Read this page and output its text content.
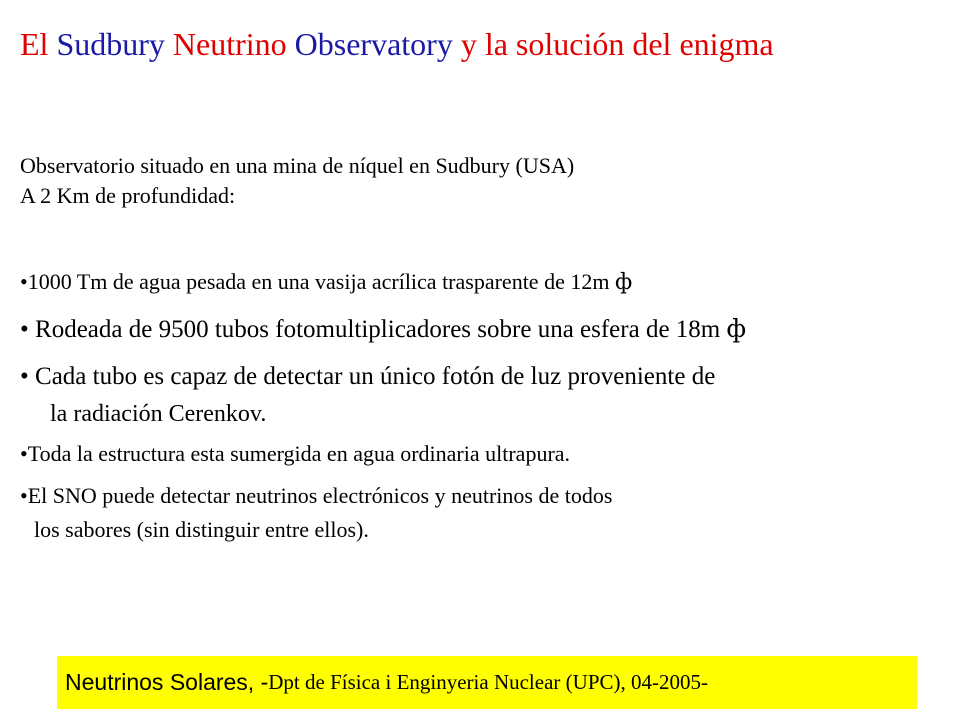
El Sudbury Neutrino Observatory y la solución del enigma
Observatorio situado en una mina de níquel en Sudbury (USA)
A 2 Km de profundidad:
•1000 Tm de agua pesada en una vasija acrílica trasparente de 12m ф
• Rodeada de 9500 tubos fotomultiplicadores sobre una esfera de 18m ф
• Cada tubo es capaz de detectar un único fotón de luz proveniente de
la radiación Cerenkov.
•Toda la estructura esta sumergida en agua ordinaria ultrapura.
•El SNO puede detectar neutrinos electrónicos y neutrinos de todos
los sabores (sin distinguir entre ellos).
Neutrinos Solares, - Dpt de Física i Enginyeria Nuclear (UPC), 04-2005-
